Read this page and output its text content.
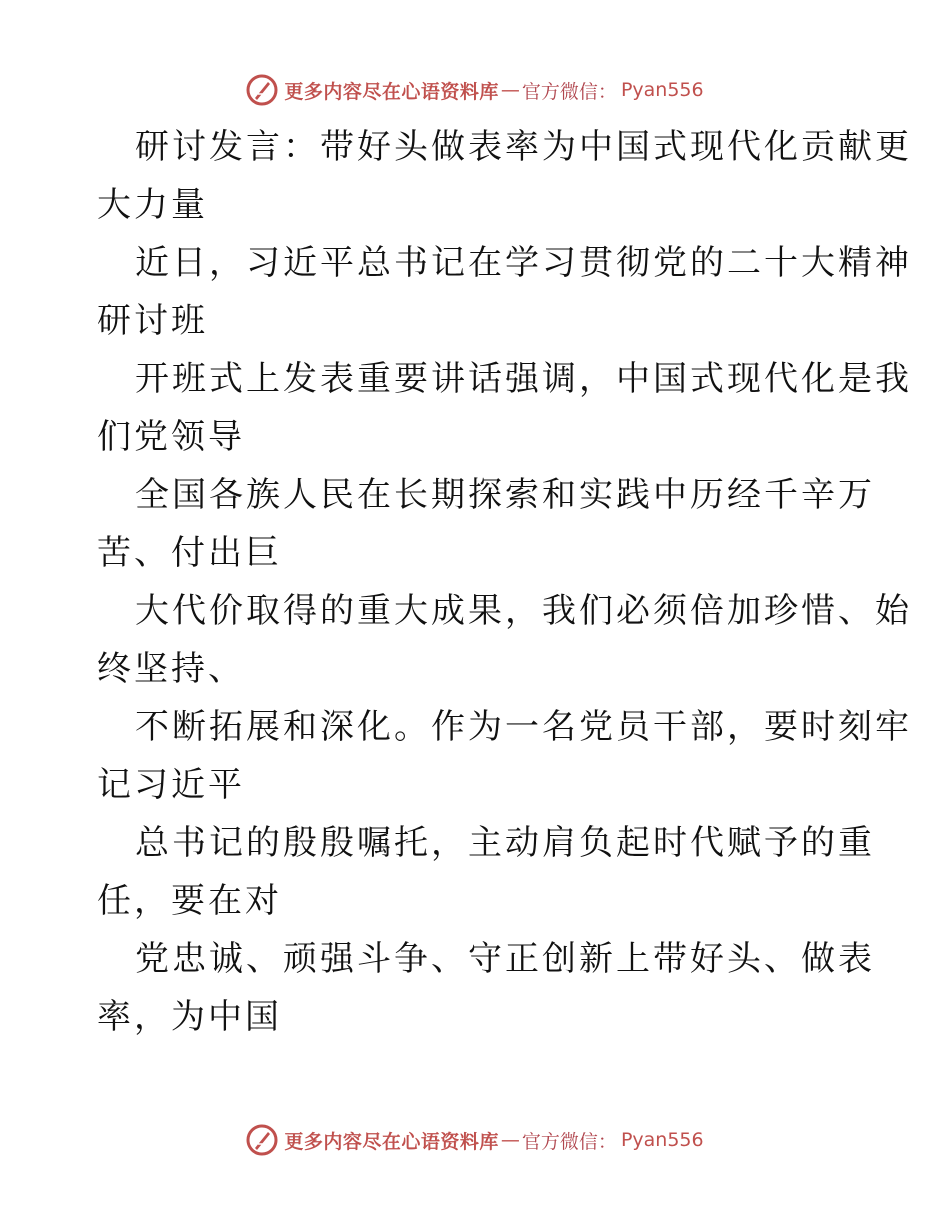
更多内容尽在心语资料库 — 官方微信： Pyan556
研讨发言：带好头做表率为中国式现代化贡献更
大力量
近日，习近平总书记在学习贯彻党的二十大精神
研讨班
开班式上发表重要讲话强调，中国式现代化是我
们党领导
全国各族人民在长期探索和实践中历经千辛万
苦、付出巨
大代价取得的重大成果，我们必须倍加珍惜、始
终坚持、
不断拓展和深化。作为一名党员干部，要时刻牢
记习近平
总书记的殷殷嘱托，主动肩负起时代赋予的重
任，要在对
党忠诚、顽强斗争、守正创新上带好头、做表
率，为中国
更多内容尽在心语资料库 — 官方微信： Pyan556
